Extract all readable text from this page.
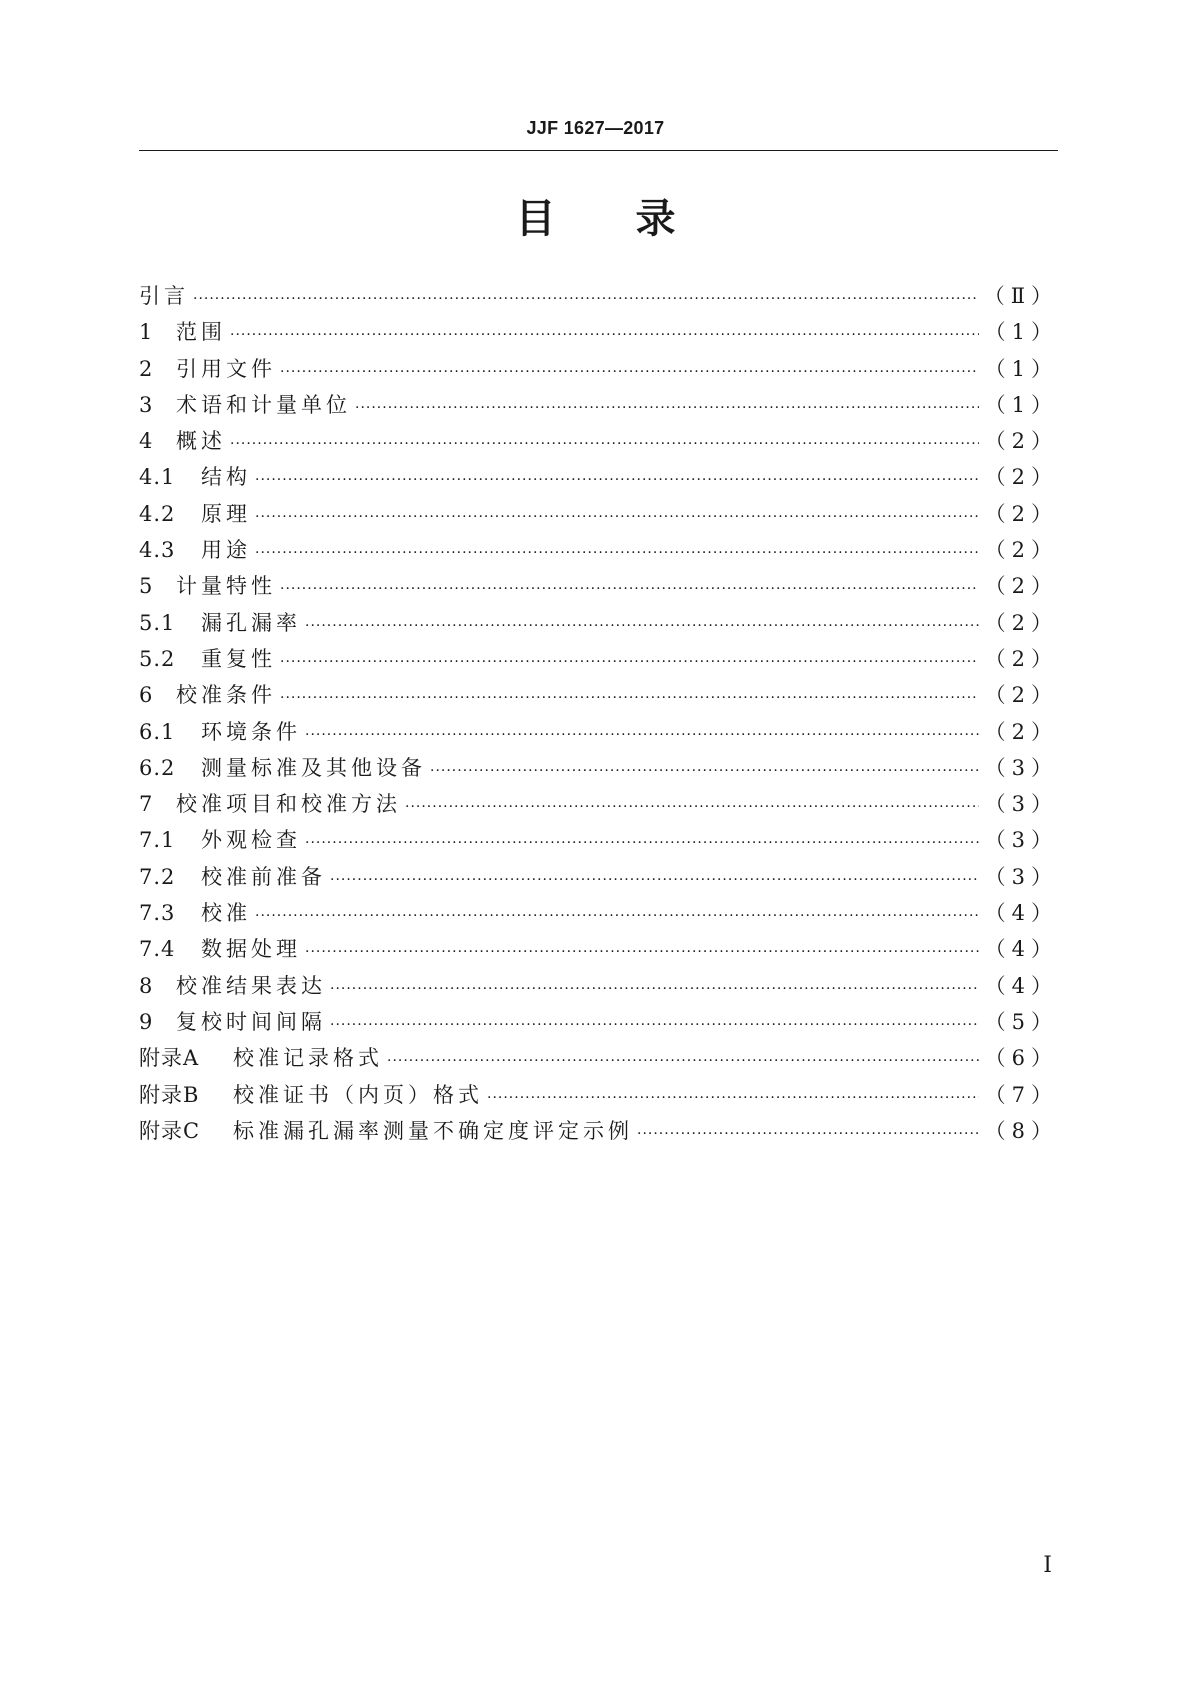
JJF 1627—2017
目录
引言 ·····	（Ⅱ）
1	范围 ·····	（1）
2	引用文件 ·····	（1）
3	术语和计量单位 ·····	（1）
4	概述 ·····	（2）
4.1	结构 ·····	（2）
4.2	原理 ·····	（2）
4.3	用途 ·····	（2）
5	计量特性 ·····	（2）
5.1	漏孔漏率 ·····	（2）
5.2	重复性 ·····	（2）
6	校准条件 ·····	（2）
6.1	环境条件 ·····	（2）
6.2	测量标准及其他设备 ·····	（3）
7	校准项目和校准方法 ·····	（3）
7.1	外观检查 ·····	（3）
7.2	校准前准备 ·····	（3）
7.3	校准 ·····	（4）
7.4	数据处理 ·····	（4）
8	校准结果表达 ·····	（4）
9	复校时间间隔 ·····	（5）
附录A	校准记录格式 ·····	（6）
附录B	校准证书（内页）格式 ·····	（7）
附录C	标准漏孔漏率测量不确定度评定示例 ·····	（8）
I
